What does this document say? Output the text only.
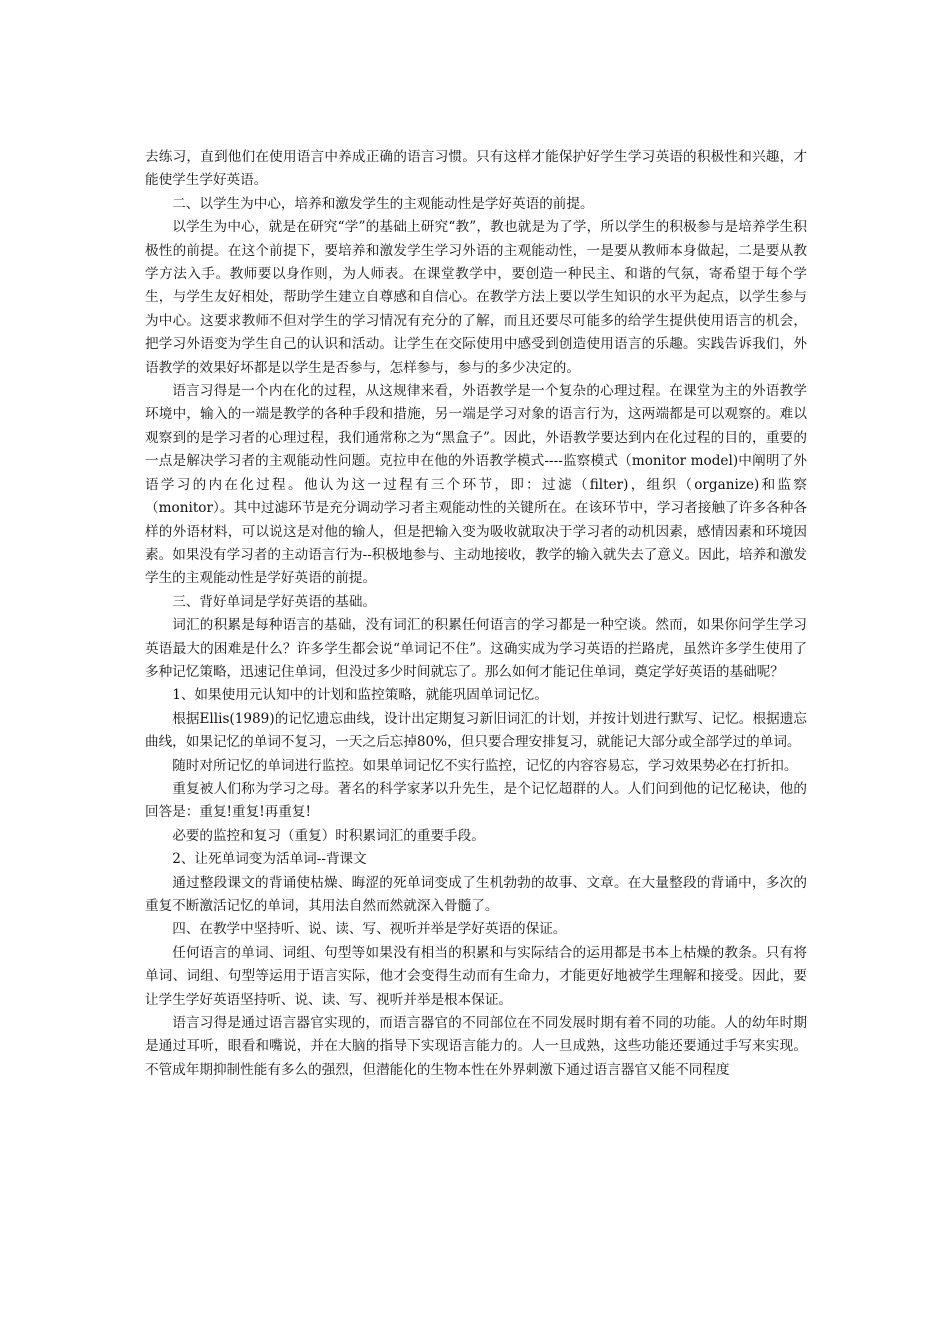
去练习，直到他们在使用语言中养成正确的语言习惯。只有这样才能保护好学生学习英语的积极性和兴趣，才能使学生学好英语。

二、以学生为中心，培养和激发学生的主观能动性是学好英语的前提。

以学生为中心，就是在研究“学”的基础上研究“教”，教也就是为了学，所以学生的积极参与是培养学生积极性的前提。在这个前提下，要培养和激发学生学习外语的主观能动性，一是要从教师本身做起，二是要从教学方法入手。教师要以身作则，为人师表。在课堂教学中，要创造一种民主、和谐的气氛，寄希望于每个学生，与学生友好相处，帮助学生建立自尊感和自信心。在教学方法上要以学生知识的水平为起点，以学生参与为中心。这要求教师不但对学生的学习情况有充分的了解，而且还要尽可能多的给学生提供使用语言的机会，把学习外语变为学生自己的认识和活动。让学生在交际使用中感受到创造使用语言的乐趣。实践告诉我们，外语教学的效果好坏都是以学生是否参与，怎样参与，参与的多少决定的。

语言习得是一个内在化的过程，从这规律来看，外语教学是一个复杂的心理过程。在课堂为主的外语教学环境中，输入的一端是教学的各种手段和措施，另一端是学习对象的语言行为，这两端都是可以观察的。难以观察到的是学习者的心理过程，我们通常称之为“黑盒子”。因此，外语教学要达到内在化过程的目的，重要的一点是解决学习者的主观能动性问题。克拉申在他的外语教学模式----监察模式（monitor model)中阐明了外语学习的内在化过程。他认为这一过程有三个环节，即：过滤（filter)，组织（organize)和监察（monitor）。其中过滤环节是充分调动学习者主观能动性的关键所在。在该环节中，学习者接触了许多各种各样的外语材料，可以说这是对他的输人，但是把输入变为吸收就取决于学习者的动机因素，感情因素和环境因素。如果没有学习者的主动语言行为--积极地参与、主动地接收，教学的输入就失去了意义。因此，培养和激发学生的主观能动性是学好英语的前提。

三、背好单词是学好英语的基础。

词汇的积累是每种语言的基础，没有词汇的积累任何语言的学习都是一种空谈。然而，如果你问学生学习英语最大的困难是什么？许多学生都会说“单词记不住”。这确实成为学习英语的拦路虎，虽然许多学生使用了多种记忆策略，迅速记住单词，但没过多少时间就忘了。那么如何才能记住单词，奠定学好英语的基础呢？

1、如果使用元认知中的计划和监控策略，就能巩固单词记忆。

根据Ellis(1989)的记忆遗忘曲线，设计出定期复习新旧词汇的计划，并按计划进行默写、记忆。根据遗忘曲线，如果记忆的单词不复习，一天之后忘掉80%，但只要合理安排复习，就能记大部分或全部学过的单词。

随时对所记忆的单词进行监控。如果单词记忆不实行监控，记忆的内容容易忘，学习效果势必在打折扣。

重复被人们称为学习之母。著名的科学家茅以升先生，是个记忆超群的人。人们问到他的记忆秘诀，他的回答是：重复!重复!再重复!

必要的监控和复习（重复）时积累词汇的重要手段。

2、让死单词变为活单词--背课文

通过整段课文的背诵使枯燥、晦涩的死单词变成了生机勃勃的故事、文章。在大量整段的背诵中，多次的重复不断激活记忆的单词，其用法自然而然就深入骨髓了。

四、在教学中坚持听、说、读、写、视听并举是学好英语的保证。

任何语言的单词、词组、句型等如果没有相当的积累和与实际结合的运用都是书本上枯燥的教条。只有将单词、词组、句型等运用于语言实际，他才会变得生动而有生命力，才能更好地被学生理解和接受。因此，要让学生学好英语坚持听、说、读、写、视听并举是根本保证。

语言习得是通过语言器官实现的，而语言器官的不同部位在不同发展时期有着不同的功能。人的幼年时期是通过耳听，眼看和嘴说，并在大脑的指导下实现语言能力的。人一旦成熟，这些功能还要通过手写来实现。不管成年期抑制性能有多么的强烈，但潜能化的生物本性在外界刺激下通过语言器官又能不同程度
